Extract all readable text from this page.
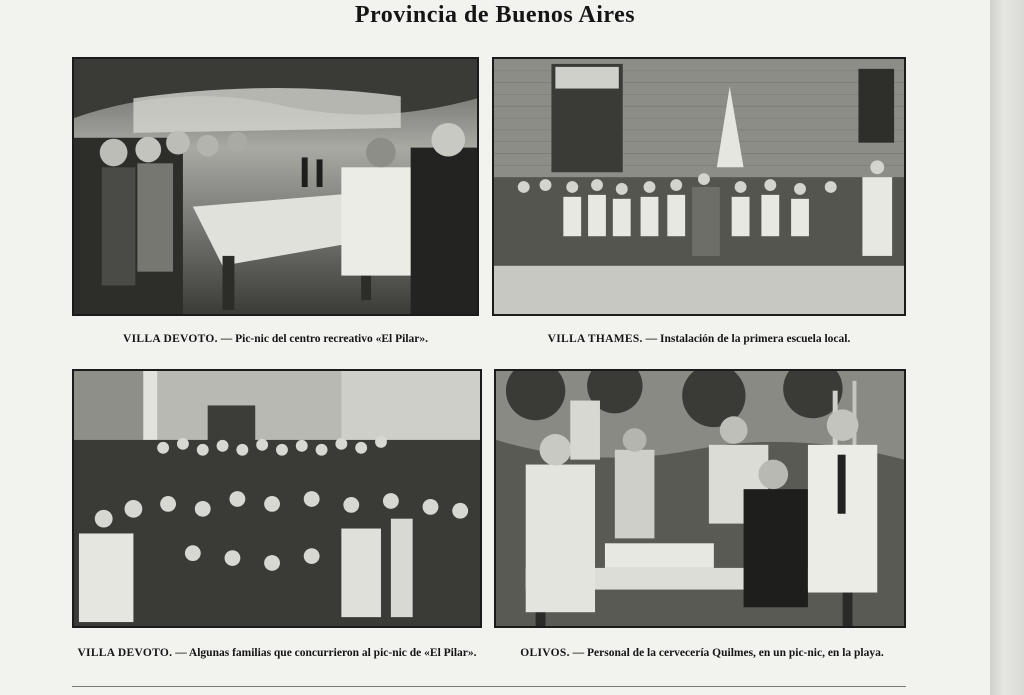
Provincia de Buenos Aires
VILLA DEVOTO. — Pic-nic del centro recreativo «El Pilar».	VILLA THAMES. — Instalación de la primera escuela local.
VILLA DEVOTO. — Algunas familias que concurrieron al pic-nic de «El Pilar».	OLIVOS. — Personal de la cervecería Quilmes, en un pic-nic, en la playa.
